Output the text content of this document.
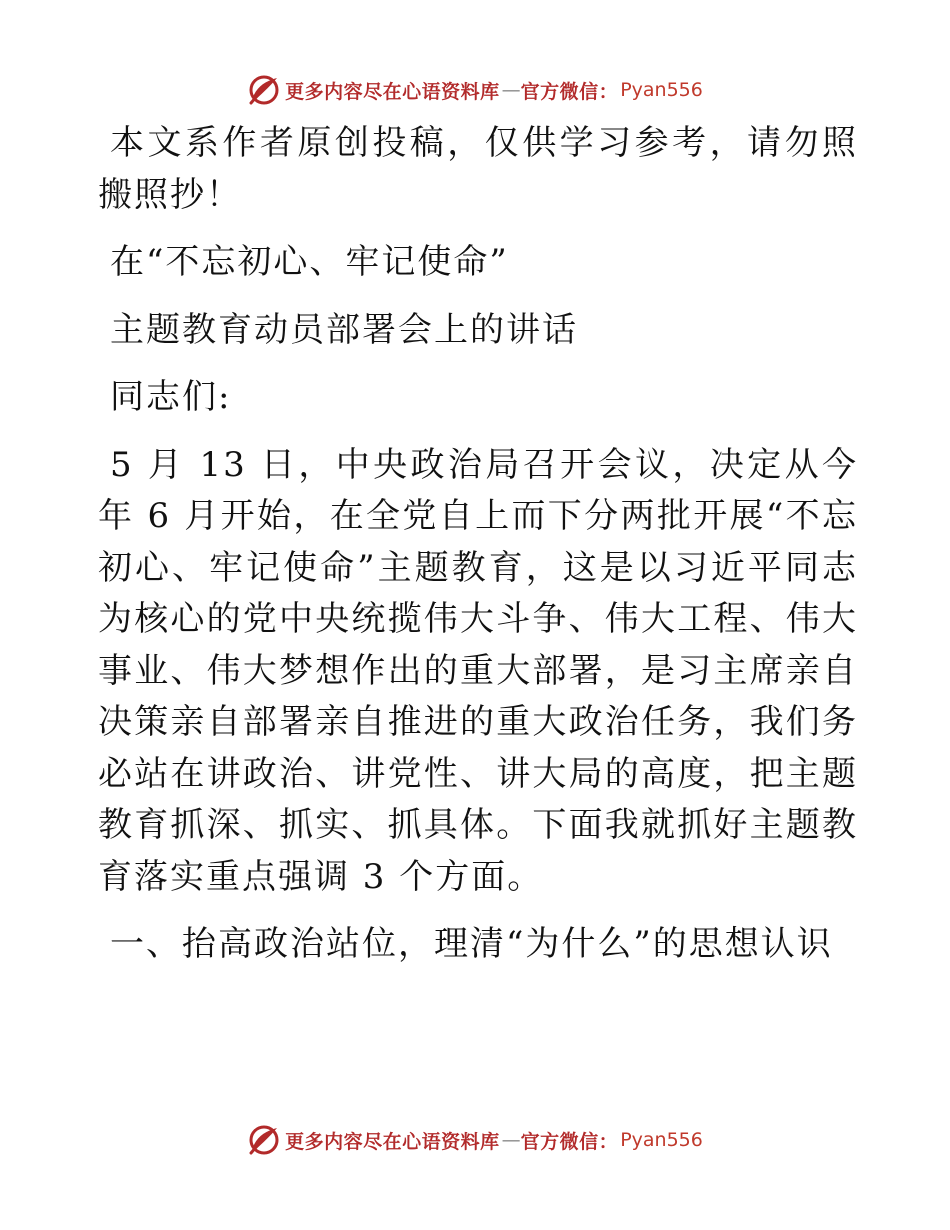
更多内容尽在心语资料库 — 官方微信： Pyan556

本文系作者原创投稿，仅供学习参考，请勿照搬照抄！

在“不忘初心、牢记使命”

主题教育动员部署会上的讲话

同志们:

5 月 13 日，中央政治局召开会议，决定从今年 6 月开始，在全党自上而下分两批开展“不忘初心、牢记使命”主题教育，这是以习近平同志为核心的党中央统揽伟大斗争、伟大工程、伟大事业、伟大梦想作出的重大部署，是习主席亲自决策亲自部署亲自推进的重大政治任务，我们务必站在讲政治、讲党性、讲大局的高度，把主题教育抓深、抓实、抓具体。下面我就抓好主题教育落实重点强调 3 个方面。

一、抬高政治站位，理清“为什么”的思想认识

更多内容尽在心语资料库 — 官方微信： Pyan556
